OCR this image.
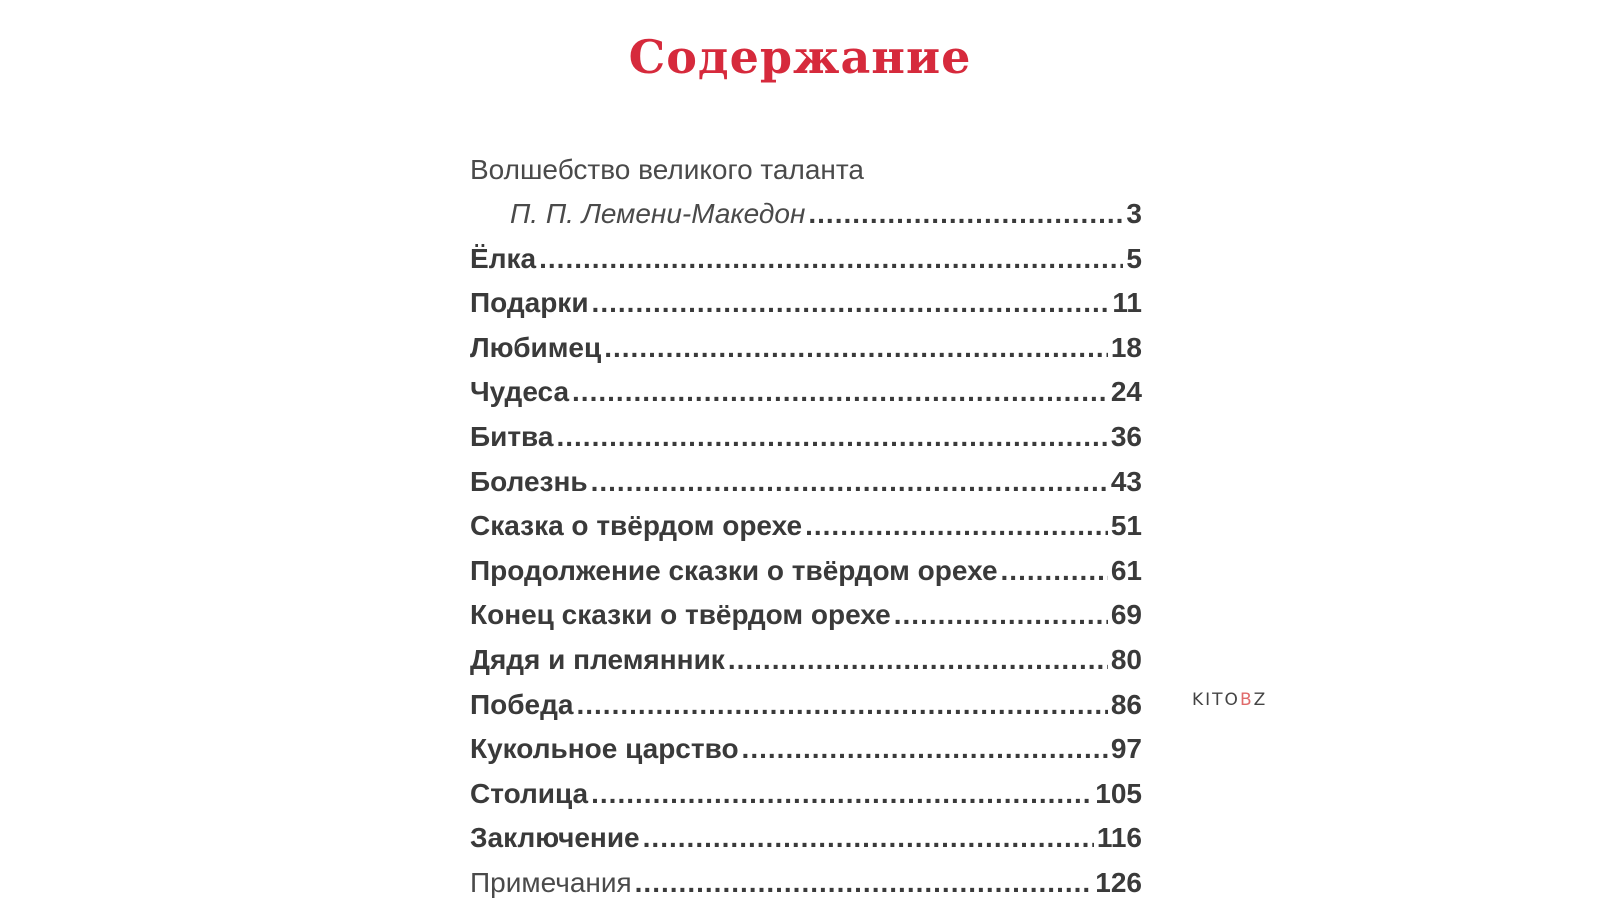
Содержание
Волшебство великого таланта
П. П. Лемени-Македон .....	3
Ёлка .....	5
Подарки .....	11
Любимец .....	18
Чудеса .....	24
Битва .....	36
Болезнь .....	43
Сказка о твёрдом орехе .....	51
Продолжение сказки о твёрдом орехе .....	61
Конец сказки о твёрдом орехе .....	69
Дядя и племянник .....	80
Победа .....	86
Кукольное царство .....	97
Столица .....	105
Заключение .....	116
Примечания .....	126
KITOBZ
